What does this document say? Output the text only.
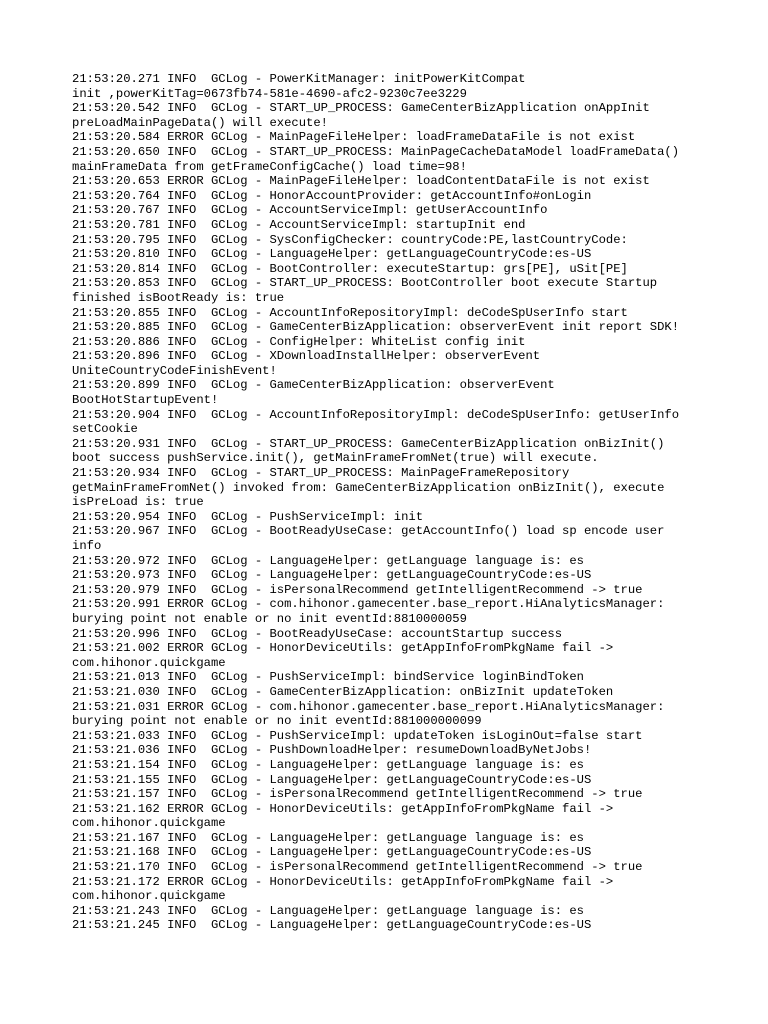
21:53:20.271 INFO  GCLog - PowerKitManager: initPowerKitCompat
init ,powerKitTag=0673fb74-581e-4690-afc2-9230c7ee3229
21:53:20.542 INFO  GCLog - START_UP_PROCESS: GameCenterBizApplication onAppInit
preLoadMainPageData() will execute!
21:53:20.584 ERROR GCLog - MainPageFileHelper: loadFrameDataFile is not exist
21:53:20.650 INFO  GCLog - START_UP_PROCESS: MainPageCacheDataModel loadFrameData()
mainFrameData from getFrameConfigCache() load time=98!
21:53:20.653 ERROR GCLog - MainPageFileHelper: loadContentDataFile is not exist
21:53:20.764 INFO  GCLog - HonorAccountProvider: getAccountInfo#onLogin
21:53:20.767 INFO  GCLog - AccountServiceImpl: getUserAccountInfo
21:53:20.781 INFO  GCLog - AccountServiceImpl: startupInit end
21:53:20.795 INFO  GCLog - SysConfigChecker: countryCode:PE,lastCountryCode:
21:53:20.810 INFO  GCLog - LanguageHelper: getLanguageCountryCode:es-US
21:53:20.814 INFO  GCLog - BootController: executeStartup: grs[PE], uSit[PE]
21:53:20.853 INFO  GCLog - START_UP_PROCESS: BootController boot execute Startup
finished isBootReady is: true
21:53:20.855 INFO  GCLog - AccountInfoRepositoryImpl: deCodeSpUserInfo start
21:53:20.885 INFO  GCLog - GameCenterBizApplication: observerEvent init report SDK!
21:53:20.886 INFO  GCLog - ConfigHelper: WhiteList config init
21:53:20.896 INFO  GCLog - XDownloadInstallHelper: observerEvent
UniteCountryCodeFinishEvent!
21:53:20.899 INFO  GCLog - GameCenterBizApplication: observerEvent
BootHotStartupEvent!
21:53:20.904 INFO  GCLog - AccountInfoRepositoryImpl: deCodeSpUserInfo: getUserInfo
setCookie
21:53:20.931 INFO  GCLog - START_UP_PROCESS: GameCenterBizApplication onBizInit()
boot success pushService.init(), getMainFrameFromNet(true) will execute.
21:53:20.934 INFO  GCLog - START_UP_PROCESS: MainPageFrameRepository
getMainFrameFromNet() invoked from: GameCenterBizApplication onBizInit(), execute
isPreLoad is: true
21:53:20.954 INFO  GCLog - PushServiceImpl: init
21:53:20.967 INFO  GCLog - BootReadyUseCase: getAccountInfo() load sp encode user
info
21:53:20.972 INFO  GCLog - LanguageHelper: getLanguage language is: es
21:53:20.973 INFO  GCLog - LanguageHelper: getLanguageCountryCode:es-US
21:53:20.979 INFO  GCLog - isPersonalRecommend getIntelligentRecommend -> true
21:53:20.991 ERROR GCLog - com.hihonor.gamecenter.base_report.HiAnalyticsManager:
burying point not enable or no init eventId:8810000059
21:53:20.996 INFO  GCLog - BootReadyUseCase: accountStartup success
21:53:21.002 ERROR GCLog - HonorDeviceUtils: getAppInfoFromPkgName fail ->
com.hihonor.quickgame
21:53:21.013 INFO  GCLog - PushServiceImpl: bindService loginBindToken
21:53:21.030 INFO  GCLog - GameCenterBizApplication: onBizInit updateToken
21:53:21.031 ERROR GCLog - com.hihonor.gamecenter.base_report.HiAnalyticsManager:
burying point not enable or no init eventId:881000000099
21:53:21.033 INFO  GCLog - PushServiceImpl: updateToken isLoginOut=false start
21:53:21.036 INFO  GCLog - PushDownloadHelper: resumeDownloadByNetJobs!
21:53:21.154 INFO  GCLog - LanguageHelper: getLanguage language is: es
21:53:21.155 INFO  GCLog - LanguageHelper: getLanguageCountryCode:es-US
21:53:21.157 INFO  GCLog - isPersonalRecommend getIntelligentRecommend -> true
21:53:21.162 ERROR GCLog - HonorDeviceUtils: getAppInfoFromPkgName fail ->
com.hihonor.quickgame
21:53:21.167 INFO  GCLog - LanguageHelper: getLanguage language is: es
21:53:21.168 INFO  GCLog - LanguageHelper: getLanguageCountryCode:es-US
21:53:21.170 INFO  GCLog - isPersonalRecommend getIntelligentRecommend -> true
21:53:21.172 ERROR GCLog - HonorDeviceUtils: getAppInfoFromPkgName fail ->
com.hihonor.quickgame
21:53:21.243 INFO  GCLog - LanguageHelper: getLanguage language is: es
21:53:21.245 INFO  GCLog - LanguageHelper: getLanguageCountryCode:es-US
